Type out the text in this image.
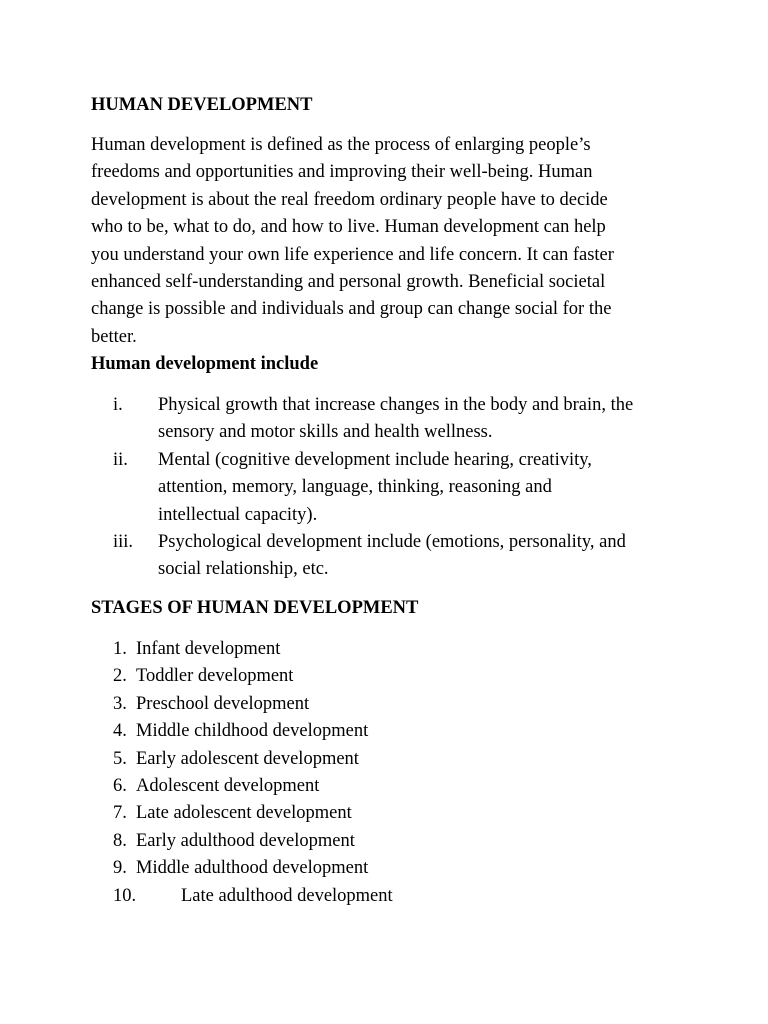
HUMAN DEVELOPMENT

Human development is defined as the process of enlarging people’s
freedoms and opportunities and improving their well-being. Human
development is about the real freedom ordinary people have to decide
who to be, what to do, and how to live. Human development can help
you understand your own life experience and life concern. It can faster
enhanced self-understanding and personal growth. Beneficial societal
change is possible and individuals and group can change social for the
better.

Human development include
i. Physical growth that increase changes in the body and brain, the
sensory and motor skills and health wellness.
ii. Mental (cognitive development include hearing, creativity,
attention, memory, language, thinking, reasoning and
intellectual capacity).
iii. Psychological development include (emotions, personality, and
social relationship, etc.
STAGES OF HUMAN DEVELOPMENT
1. Infant development
2. Toddler development
3. Preschool development
4. Middle childhood development
5. Early adolescent development
6. Adolescent development
7. Late adolescent development
8. Early adulthood development
9. Middle adulthood development
10. Late adulthood development
